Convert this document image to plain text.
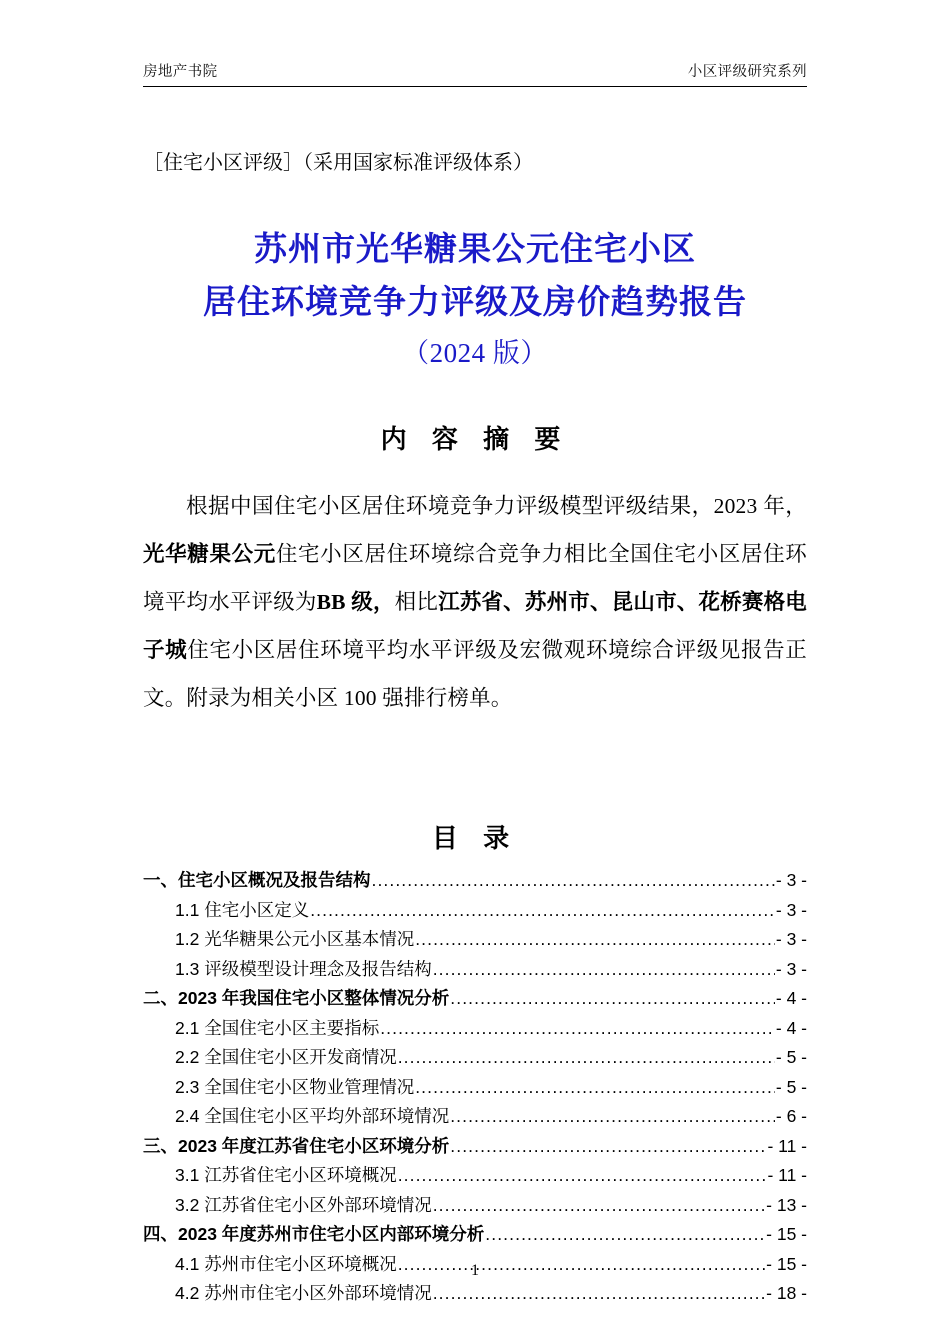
房地产书院	小区评级研究系列
［住宅小区评级］（采用国家标准评级体系）
苏州市光华糖果公元住宅小区
居住环境竞争力评级及房价趋势报告
（2024 版）
内 容 摘 要
根据中国住宅小区居住环境竞争力评级模型评级结果，2023 年，光华糖果公元住宅小区居住环境综合竞争力相比全国住宅小区居住环境平均水平评级为BB 级，相比江苏省、苏州市、昆山市、花桥赛格电子城住宅小区居住环境平均水平评级及宏微观环境综合评级见报告正文。附录为相关小区 100 强排行榜单。
目 录
一、住宅小区概况及报告结构 .....	- 3 -
1.1 住宅小区定义 .....	- 3 -
1.2 光华糖果公元小区基本情况 .....	- 3 -
1.3 评级模型设计理念及报告结构 .....	- 3 -
二、2023 年我国住宅小区整体情况分析 .....	- 4 -
2.1 全国住宅小区主要指标 .....	- 4 -
2.2 全国住宅小区开发商情况 .....	- 5 -
2.3 全国住宅小区物业管理情况 .....	- 5 -
2.4 全国住宅小区平均外部环境情况 .....	- 6 -
三、2023 年度江苏省住宅小区环境分析 .....	- 11 -
3.1 江苏省住宅小区环境概况 .....	- 11 -
3.2 江苏省住宅小区外部环境情况 .....	- 13 -
四、2023 年度苏州市住宅小区内部环境分析 .....	- 15 -
4.1 苏州市住宅小区环境概况 .....	- 15 -
4.2 苏州市住宅小区外部环境情况 .....	- 18 -
1
